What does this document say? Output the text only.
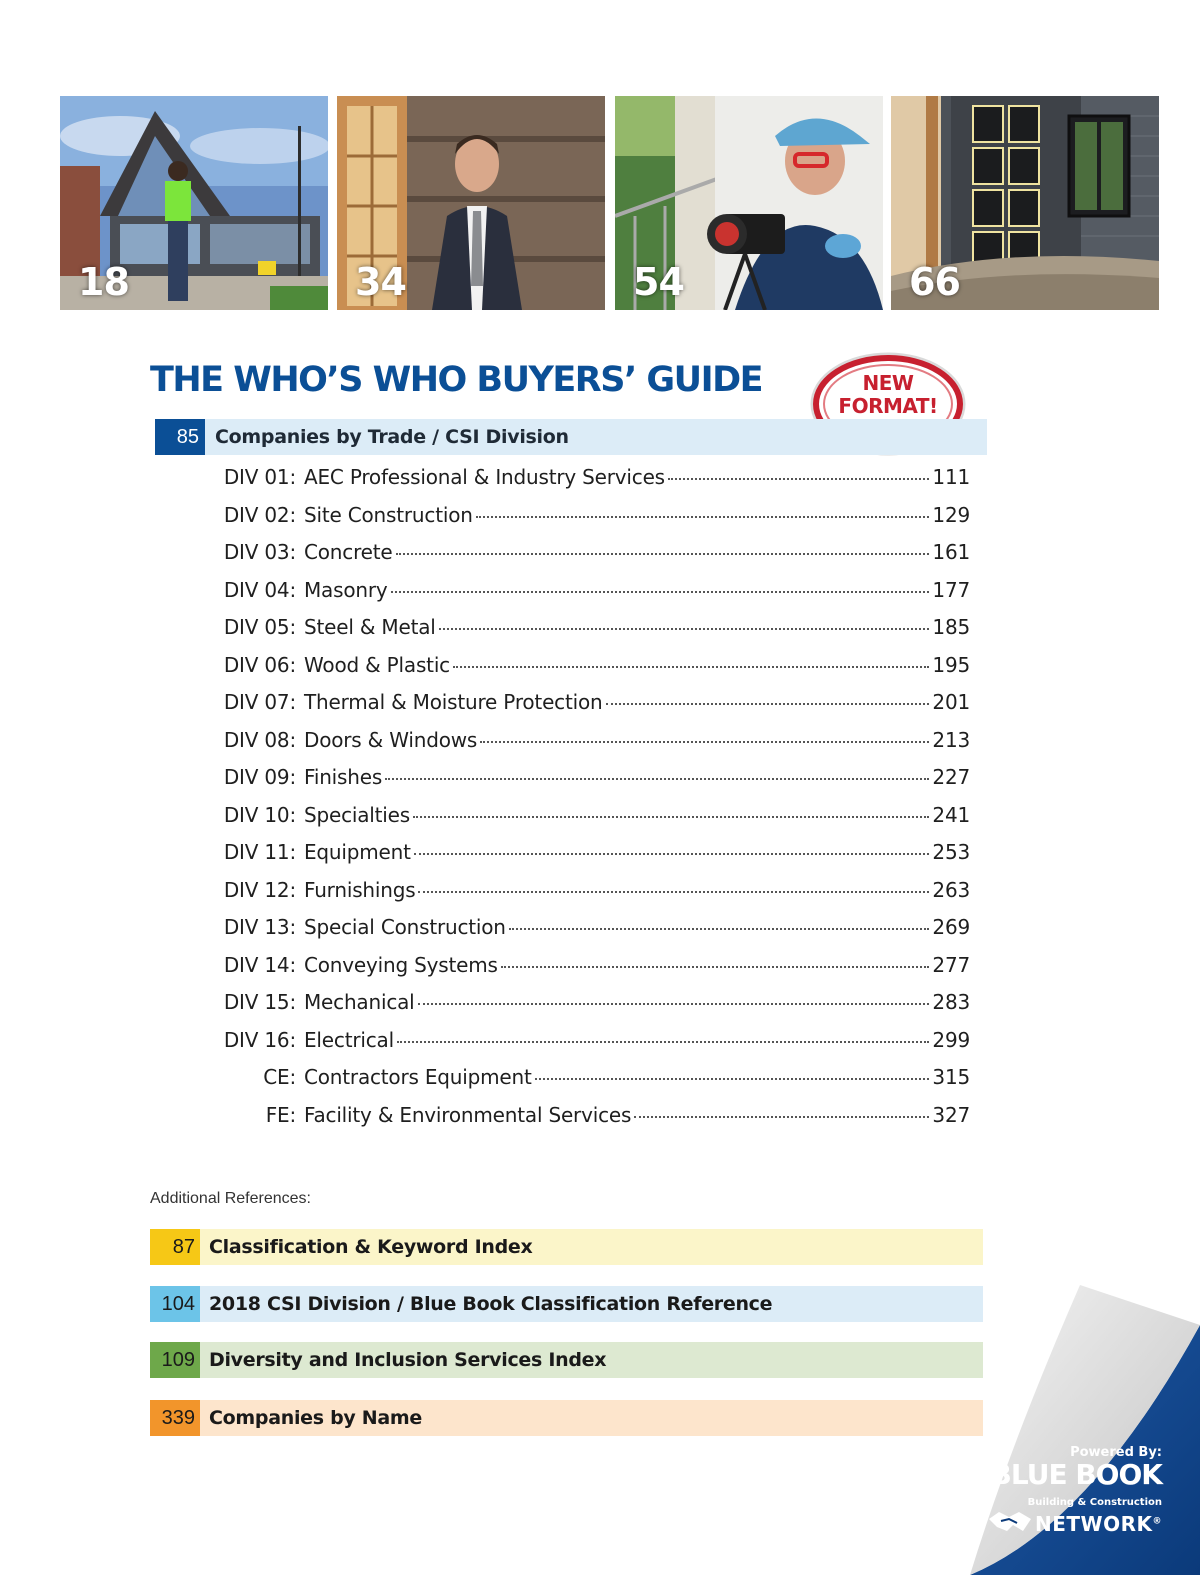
18	34	54	66
THE WHO’S WHO BUYERS’ GUIDE	NEW
FORMAT!
85 Companies by Trade / CSI Division
DIV 01: AEC Professional & Industry Services	111
DIV 02: Site Construction	129
DIV 03: Concrete	161
DIV 04: Masonry	177
DIV 05: Steel & Metal	185
DIV 06: Wood & Plastic	195
DIV 07: Thermal & Moisture Protection	201
DIV 08: Doors & Windows	213
DIV 09: Finishes	227
DIV 10: Specialties	241
DIV 11: Equipment	253
DIV 12: Furnishings	263
DIV 13: Special Construction	269
DIV 14: Conveying Systems	277
DIV 15: Mechanical	283
DIV 16: Electrical	299
CE: Contractors Equipment	315
FE: Facility & Environmental Services	327
Additional References:
87 Classification & Keyword Index
104 2018 CSI Division / Blue Book Classification Reference
109 Diversity and Inclusion Services Index
339 Companies by Name
Powered By:
THEBLUE BOOK
Building & Construction
NETWORK®
